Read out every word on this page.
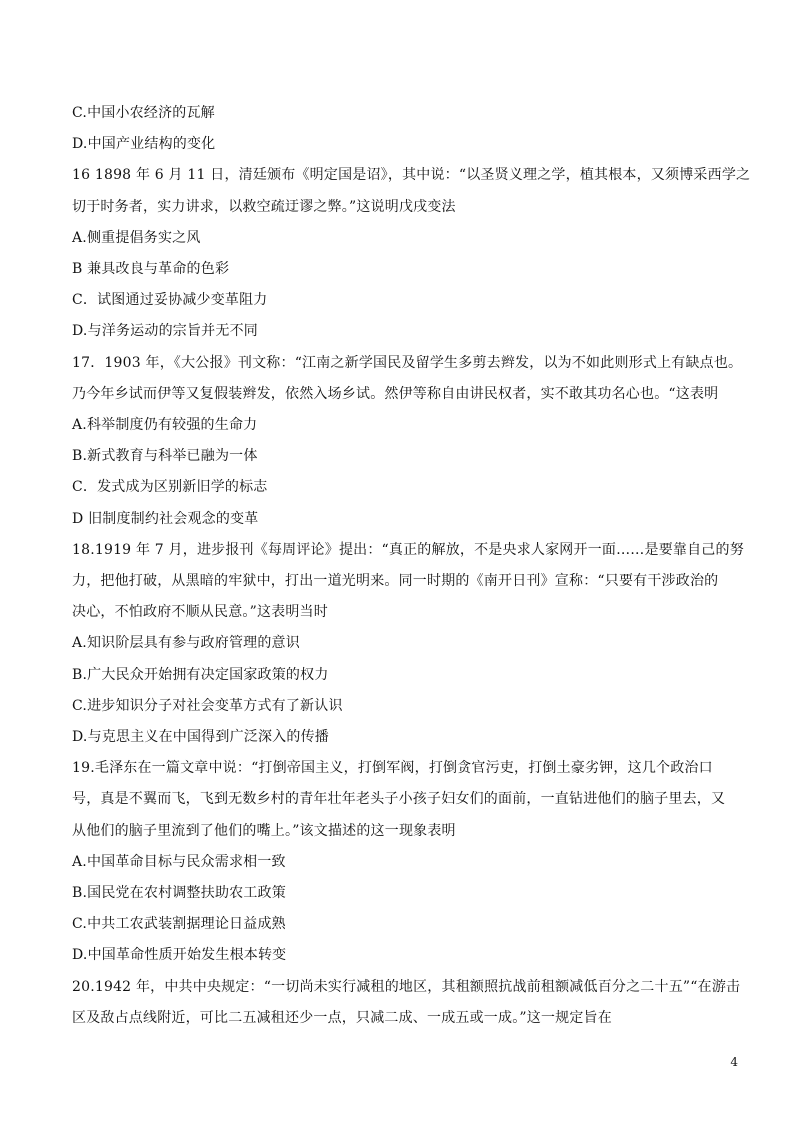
C.中国小农经济的瓦解
D.中国产业结构的变化
16 1898 年 6 月 11 日，清廷颁布《明定国是诏》，其中说：“以圣贤义理之学，植其根本，又须博采西学之
切于时务者，实力讲求，以救空疏迂谬之弊。”这说明戊戌变法
A.侧重提倡务实之风
B 兼具改良与革命的色彩
C．试图通过妥协减少变革阻力
D.与洋务运动的宗旨并无不同
17．1903 年，《大公报》刊文称：“江南之新学国民及留学生多剪去辫发，以为不如此则形式上有缺点也。
乃今年乡试而伊等又复假装辫发，依然入场乡试。然伊等称自由讲民权者，实不敢其功名心也。“这表明
A.科举制度仍有较强的生命力
B.新式教育与科举已融为一体
C．发式成为区别新旧学的标志
D 旧制度制约社会观念的变革
18.1919 年 7 月，进步报刊《每周评论》提出：“真正的解放，不是央求人家网开一面……是要靠自己的努
力，把他打破，从黑暗的牢狱中，打出一道光明来。同一时期的《南开日刊》宣称：“只要有干涉政治的
决心，不怕政府不顺从民意。”这表明当时
A.知识阶层具有参与政府管理的意识
B.广大民众开始拥有决定国家政策的权力
C.进步知识分子对社会变革方式有了新认识
D.与克思主义在中国得到广泛深入的传播
19.毛泽东在一篇文章中说：“打倒帝国主义，打倒军阀，打倒贪官污吏，打倒土豪劣钾，这几个政治口
号，真是不翼而飞，飞到无数乡村的青年壮年老头子小孩子妇女们的面前，一直钻进他们的脑子里去，又
从他们的脑子里流到了他们的嘴上。”该文描述的这一现象表明
A.中国革命目标与民众需求相一致
B.国民党在农村调整扶助农工政策
C.中共工农武装割据理论日益成熟
D.中国革命性质开始发生根本转变
20.1942 年，中共中央规定：“一切尚未实行减租的地区，其租额照抗战前租额减低百分之二十五”“在游击
区及敌占点线附近，可比二五减租还少一点，只减二成、一成五或一成。”这一规定旨在
4
